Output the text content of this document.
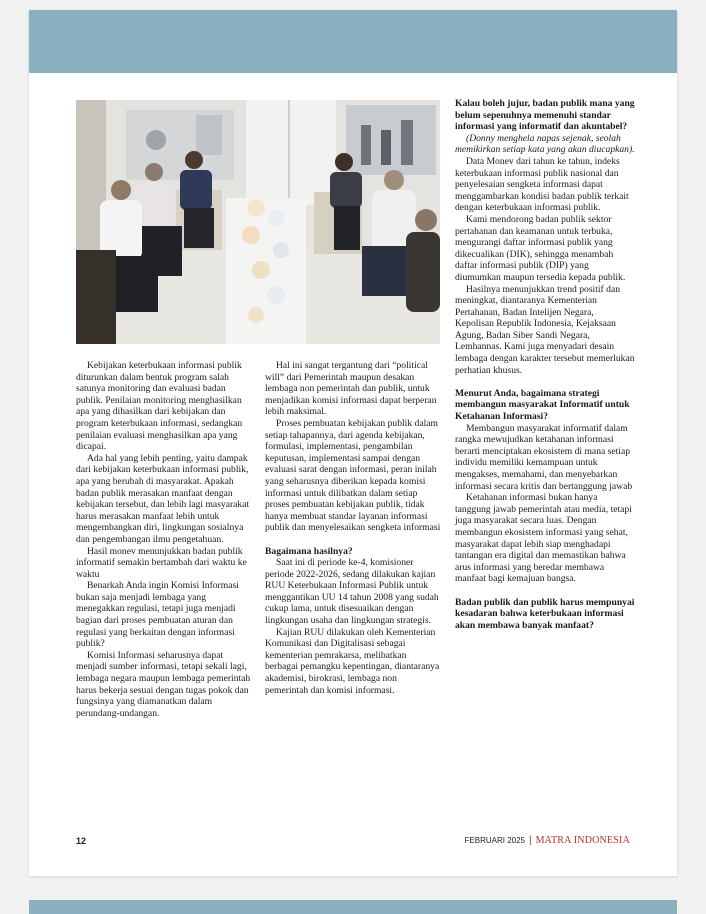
Kebijakan keterbukaan informasi publik diturunkan dalam bentuk program salah satunya monitoring dan evaluasi badan publik. Penilaian monitoring menghasilkan apa yang dihasilkan dari kebijakan dan program keterbukaan informasi, sedangkan penilaian evaluasi menghasilkan apa yang dicapai.

Ada hal yang lebih penting, yaitu dampak dari kebijakan keterbukaan informasi publik, apa yang berubah di masyarakat. Apakah badan publik merasakan manfaat dengan kebijakan tersebut, dan lebih lagi masyarakat harus merasakan manfaat lebih untuk mengembangkan diri, lingkungan sosialnya dan pengembangan ilmu pengetahuan.

Hasil monev menunjukkan badan publik informatif semakin bertambah dari waktu ke waktu

Benarkah Anda ingin Komisi Informasi bukan saja menjadi lembaga yang menegakkan regulasi, tetapi juga menjadi bagian dari proses pembuatan aturan dan regulasi yang berkaitan dengan informasi publik?

Komisi Informasi seharusnya dapat menjadi sumber informasi, tetapi sekali lagi, lembaga negara maupun lembaga pemerintah harus bekerja sesuai dengan tugas pokok dan fungsinya yang diamanatkan dalam perundang-undangan.

Hal ini sangat tergantung dari “political will” dari Pemerintah maupun desakan lembaga non pemerintah dan publik, untuk menjadikan komisi informasi dapat berperan lebih maksimal.

Proses pembuatan kebijakan publik dalam setiap tahapannya, dari agenda kebijakan, formulasi, implementasi, pengambilan keputusan, implementasi sampai dengan evaluasi sarat dengan informasi, peran inilah yang seharusnya diberikan kepada komisi informasi untuk dilibatkan dalam setiap proses pembuatan kebijakan publik, tidak hanya membuat standar layanan informasi publik dan menyelesaikan sengketa informasi

Bagaimana hasilnya?

Saat ini di periode ke-4, komisioner periode 2022-2026, sedang dilakukan kajian RUU Keterbukaan Informasi Publik untuk menggantikan UU 14 tahun 2008 yang sudah cukup lama, untuk disesuaikan dengan lingkungan usaha dan lingkungan strategis.

Kajian RUU dilakukan oleh Kementerian Komunikasi dan Digitalisasi sebagai kementerian pemrakarsa, melibatkan berbagai pemangku kepentingan, diantaranya akademisi, birokrasi, lembaga non pemerintah dan komisi informasi.

Kalau boleh jujur, badan publik mana yang belum sepenuhnya memenuhi standar informasi yang informatif dan akuntabel?

(Donny menghela napas sejenak, seolah memikirkan setiap kata yang akan diucapkan).

Data Monev dari tahun ke tahun, indeks keterbukaan informasi publik nasional dan penyelesaian sengketa informasi dapat menggambarkan kondisi badan publik terkait dengan keterbukaan informasi publik.

Kami mendorong badan publik sektor pertahanan dan keamanan untuk terbuka, mengurangi daftar informasi publik yang dikecualikan (DIK), sehingga menambah daftar informasi publik (DIP) yang diumumkan maupun tersedia kepada publik.

Hasilnya menunjukkan trend positif dan meningkat, diantaranya Kementerian Pertahanan, Badan Intelijen Negara, Kepolisan Republik Indonesia, Kejaksaan Agung, Badan Siber Sandi Negara, Lemhannas. Kami juga menyadari desain lembaga dengan karakter tersebut memerlukan perhatian khusus.

Menurut Anda, bagaimana strategi membangun masyarakat Informatif untuk Ketahanan Informasi?

Membangun masyarakat informatif dalam rangka mewujudkan ketahanan informasi berarti menciptakan ekosistem di mana setiap individu memiliki kemampuan untuk mengakses, memahami, dan menyebarkan informasi secara kritis dan bertanggung jawab

Ketahanan informasi bukan hanya tanggung jawab pemerintah atau media, tetapi juga masyarakat secara luas. Dengan membangun ekosistem informasi yang sehat, masyarakat dapat lebih siap menghadapi tantangan era digital dan memastikan bahwa arus informasi yang beredar membawa manfaat bagi kemajuan bangsa.

Badan publik dan publik harus mempunyai kesadaran bahwa keterbukaan informasi akan membawa banyak manfaat?

12	FEBRUARI 2025 | MATRA INDONESIA
